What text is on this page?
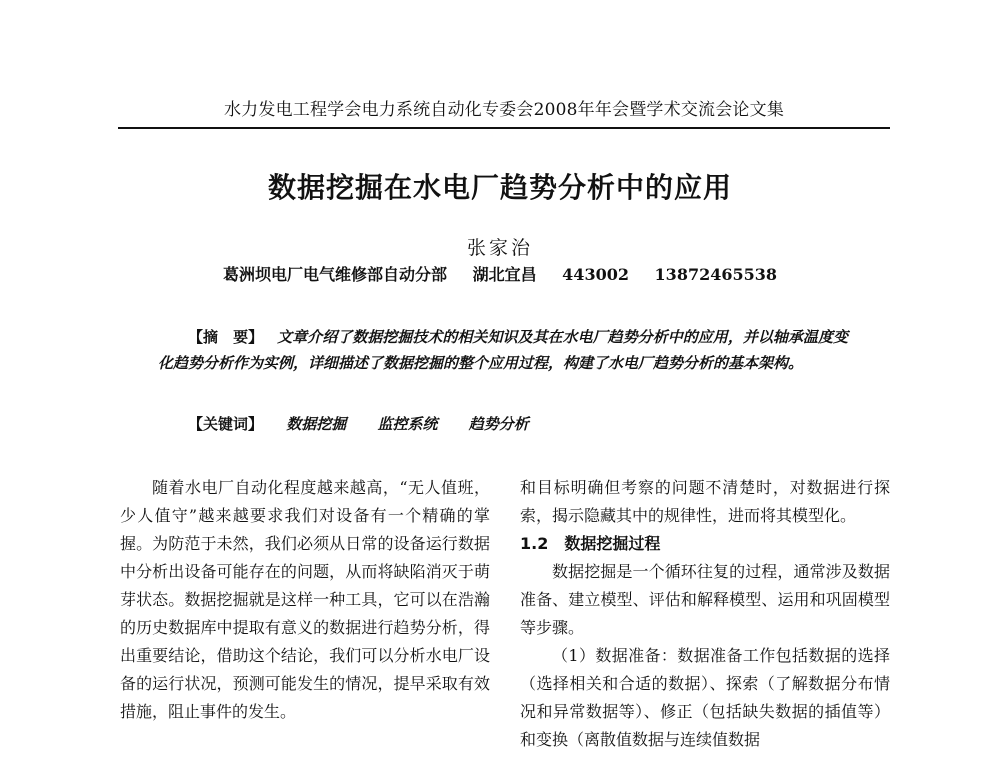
水力发电工程学会电力系统自动化专委会2008年年会暨学术交流会论文集
数据挖掘在水电厂趋势分析中的应用
张家治
葛洲坝电厂电气维修部自动分部 湖北宜昌 443002 13872465538

【摘　要】 文章介绍了数据挖掘技术的相关知识及其在水电厂趋势分析中的应用，并以轴承温度变化趋势分析作为实例，详细描述了数据挖掘的整个应用过程，构建了水电厂趋势分析的基本架构。

【关键词】 数据挖掘 监控系统 趋势分析

随着水电厂自动化程度越来越高，“无人值班，少人值守”越来越要求我们对设备有一个精确的掌握。为防范于未然，我们必须从日常的设备运行数据中分析出设备可能存在的问题，从而将缺陷消灭于萌芽状态。数据挖掘就是这样一种工具，它可以在浩瀚的历史数据库中提取有意义的数据进行趋势分析，得出重要结论，借助这个结论，我们可以分析水电厂设备的运行状况，预测可能发生的情况，提早采取有效措施，阻止事件的发生。

和目标明确但考察的问题不清楚时，对数据进行探索，揭示隐藏其中的规律性，进而将其模型化。

1.2　数据挖掘过程

数据挖掘是一个循环往复的过程，通常涉及数据准备、建立模型、评估和解释模型、运用和巩固模型等步骤。

（1）数据准备：数据准备工作包括数据的选择（选择相关和合适的数据）、探索（了解数据分布情况和异常数据等）、修正（包括缺失数据的插值等）和变换（离散值数据与连续值数据
